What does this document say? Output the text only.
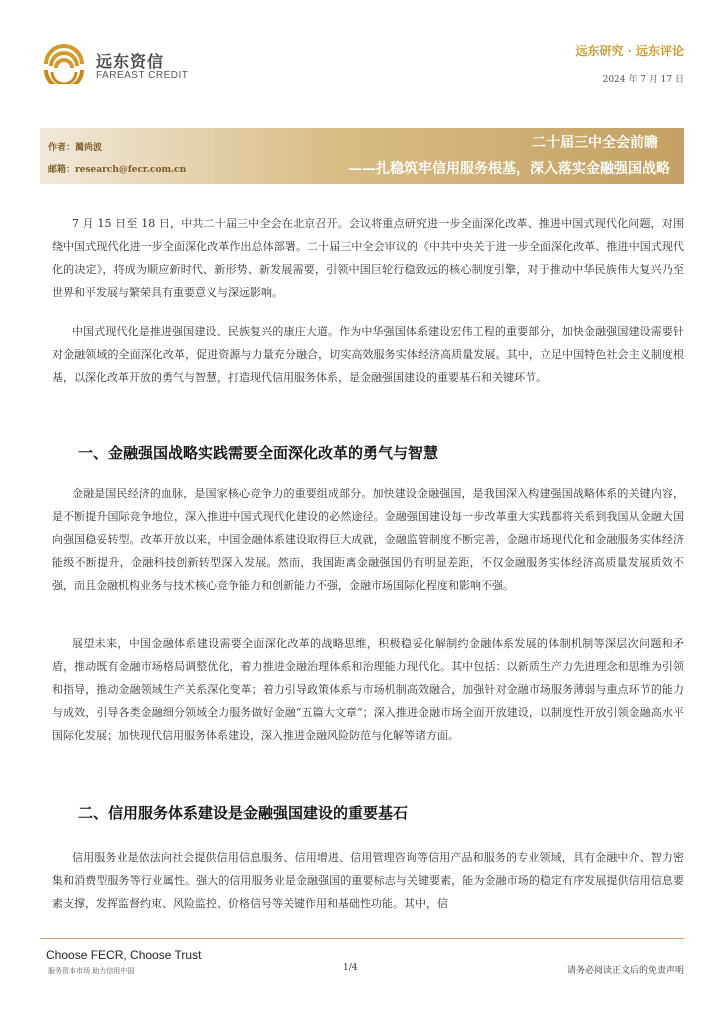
远东资信
FAREAST CREDIT
远东研究 · 远东评论
2024 年 7 月 17 日
作者：蔺尚波
邮箱：research@fecr.com.cn
二十届三中全会前瞻
——扎稳筑牢信用服务根基，深入落实金融强国战略

7 月 15 日至 18 日，中共二十届三中全会在北京召开。会议将重点研究进一步全面深化改革、推进中国式现代化问题，对围绕中国式现代化进一步全面深化改革作出总体部署。二十届三中全会审议的《中共中央关于进一步全面深化改革、推进中国式现代化的决定》，将成为顺应新时代、新形势、新发展需要，引领中国巨轮行稳致远的核心制度引擎，对于推动中华民族伟大复兴乃至世界和平发展与繁荣具有重要意义与深远影响。

中国式现代化是推进强国建设、民族复兴的康庄大道。作为中华强国体系建设宏伟工程的重要部分，加快金融强国建设需要针对金融领域的全面深化改革，促进资源与力量充分融合，切实高效服务实体经济高质量发展。其中，立足中国特色社会主义制度根基，以深化改革开放的勇气与智慧，打造现代信用服务体系，是金融强国建设的重要基石和关键环节。

一、金融强国战略实践需要全面深化改革的勇气与智慧

金融是国民经济的血脉，是国家核心竞争力的重要组成部分。加快建设金融强国，是我国深入构建强国战略体系的关键内容，是不断提升国际竞争地位，深入推进中国式现代化建设的必然途径。金融强国建设每一步改革重大实践都将关系到我国从金融大国向强国稳妥转型。改革开放以来，中国金融体系建设取得巨大成就，金融监管制度不断完善，金融市场现代化和金融服务实体经济能级不断提升，金融科技创新转型深入发展。然而，我国距离金融强国仍有明显差距，不仅金融服务实体经济高质量发展质效不强，而且金融机构业务与技术核心竞争能力和创新能力不强，金融市场国际化程度和影响不强。

展望未来，中国金融体系建设需要全面深化改革的战略思维，积极稳妥化解制约金融体系发展的体制机制等深层次问题和矛盾，推动既有金融市场格局调整优化，着力推进金融治理体系和治理能力现代化。其中包括：以新质生产力先进理念和思维为引领和指导，推动金融领域生产关系深化变革；着力引导政策体系与市场机制高效融合，加强针对金融市场服务薄弱与重点环节的能力与成效，引导各类金融细分领域全力服务做好金融“五篇大文章”；深入推进金融市场全面开放建设，以制度性开放引领金融高水平国际化发展；加快现代信用服务体系建设，深入推进金融风险防范与化解等诸方面。

二、信用服务体系建设是金融强国建设的重要基石

信用服务业是依法向社会提供信用信息服务、信用增进、信用管理咨询等信用产品和服务的专业领域，具有金融中介、智力密集和消费型服务等行业属性。强大的信用服务业是金融强国的重要标志与关键要素，能为金融市场的稳定有序发展提供信用信息要素支撑，发挥监督约束、风险监控、价格信号等关键作用和基础性功能。其中，信

Choose FECR, Choose Trust
服务资本市场 助力信用中国	1/4	请务必阅读正文后的免责声明
